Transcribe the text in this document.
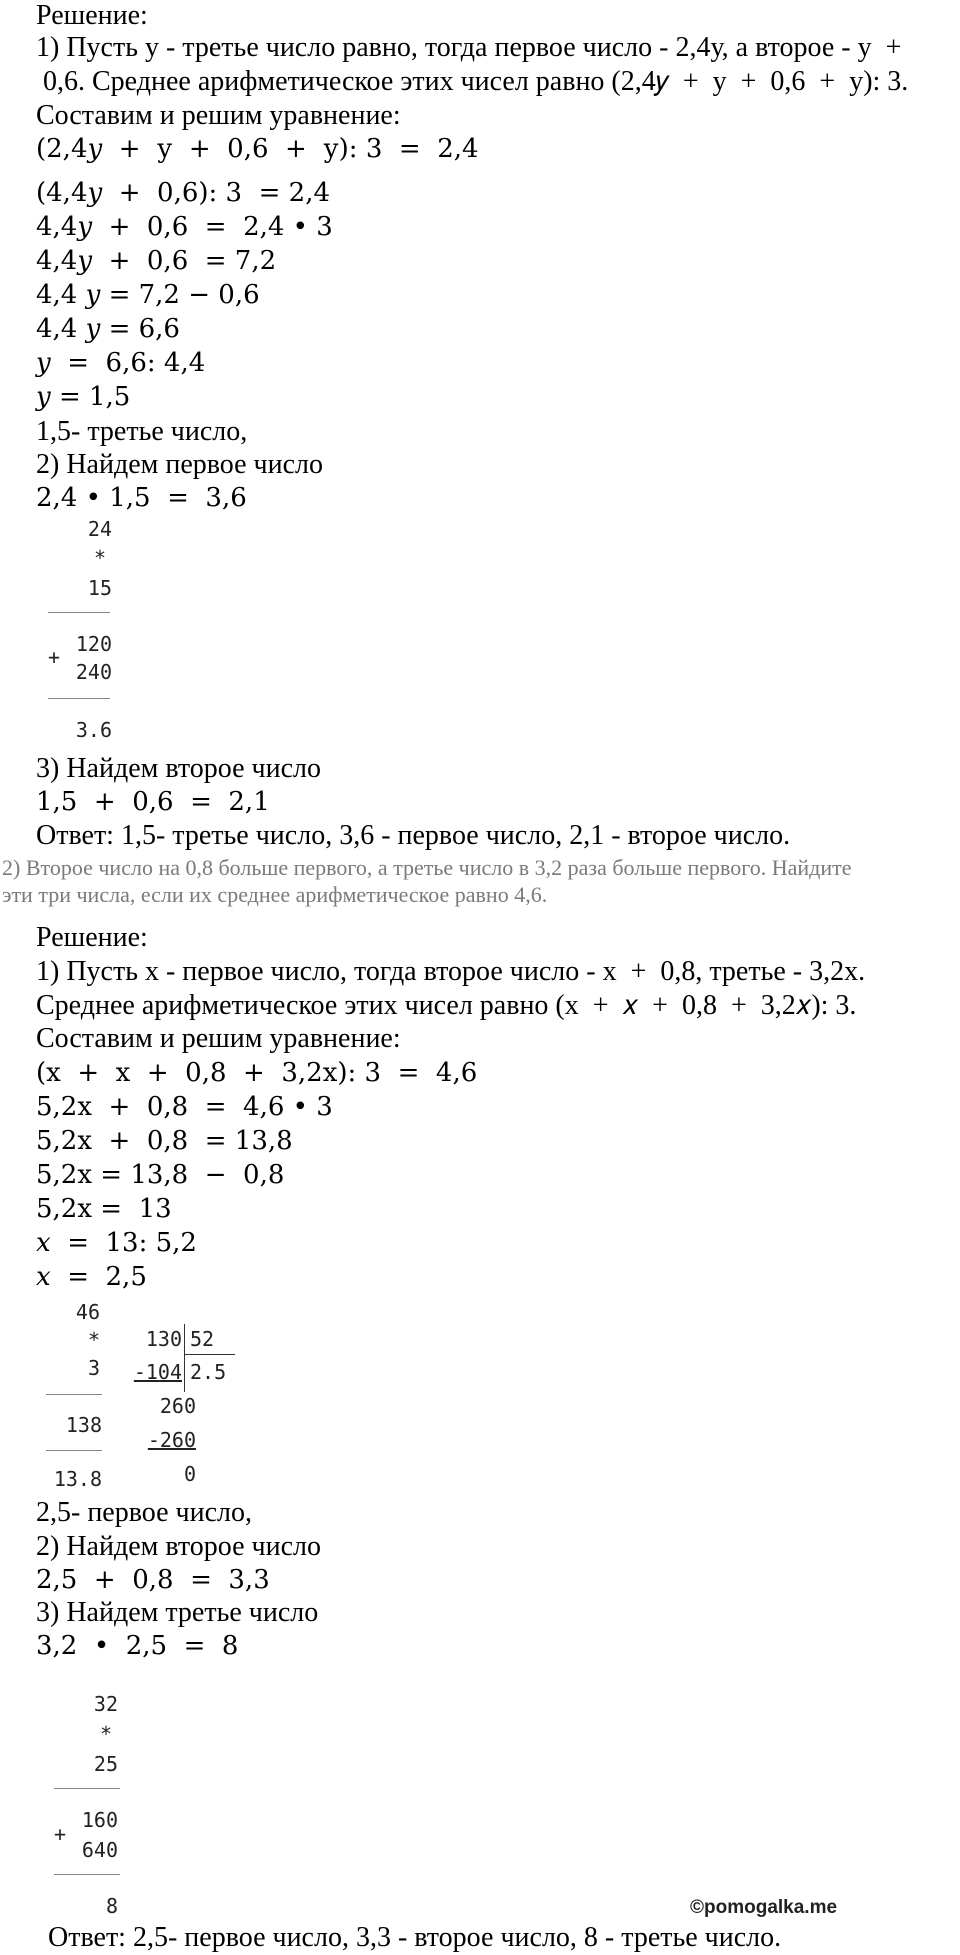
Решение:
1) Пусть у - третье число равно, тогда первое число - 2,4у, а второе - у  +
0,6. Среднее арифметическое этих чисел равно (2,4𝑦  +  у  +  0,6  +  у): 3.
Составим и решим уравнение:
(2,4𝑦  +  у  +  0,6  +  у): 3  =  2,4
(4,4𝑦  +  0,6): 3  = 2,4
4,4𝑦  +  0,6  =  2,4 • 3
4,4𝑦  +  0,6  = 7,2
4,4 𝑦 = 7,2 − 0,6
4,4 𝑦 = 6,6
𝑦  =  6,6: 4,4
𝑦 = 1,5
1,5- третье число,
2) Найдем первое число
2,4 • 1,5  =  3,6
24
*
15
+
120
240
3.6
3) Найдем второе число
1,5  +  0,6  =  2,1
Ответ: 1,5- третье число, 3,6 - первое число, 2,1 - второе число.
2) Второе число на 0,8 больше первого, а третье число в 3,2 раза больше первого. Найдите
эти три числа, если их среднее арифметическое равно 4,6.
Решение:
1) Пусть х - первое число, тогда второе число - х  +  0,8, третье - 3,2х.
Среднее арифметическое этих чисел равно (х  +  𝑥  +  0,8  +  3,2𝑥): 3.
Составим и решим уравнение:
(х  +  х  +  0,8  +  3,2х): 3  =  4,6
5,2х  +  0,8  =  4,6 • 3
5,2х  +  0,8  = 13,8
5,2х = 13,8  −  0,8
5,2х =  13
𝑥  =  13: 5,2
𝑥  =  2,5
46
*
3
138
13.8
130 52
-104 2.5
260
-260
0
2,5- первое число,
2) Найдем второе число
2,5  +  0,8  =  3,3
3) Найдем третье число
3,2  •  2,5  =  8
32
*
25
+
160
640
8	©pomogalka.me
Ответ: 2,5- первое число, 3,3 - второе число, 8 - третье число.
